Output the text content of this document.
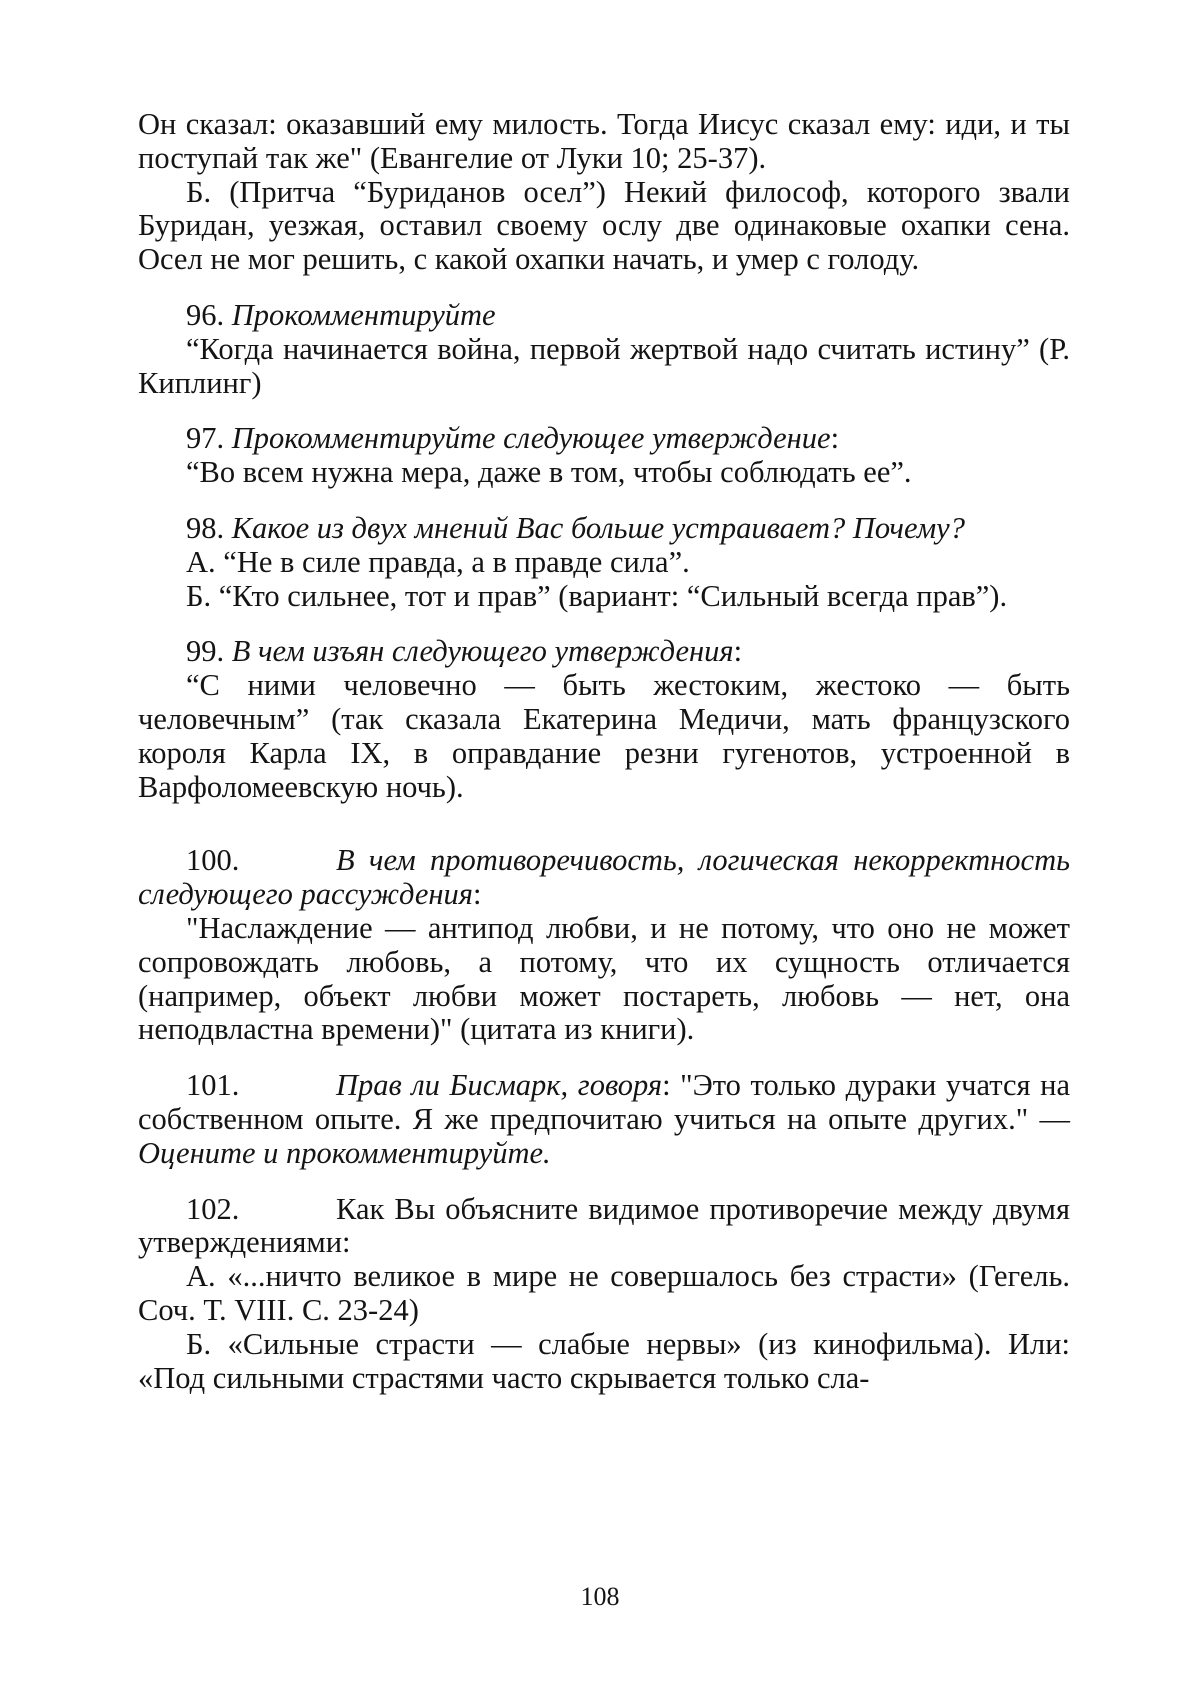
Он сказал: оказавший ему милость. Тогда Иисус сказал ему: иди, и ты поступай так же" (Евангелие от Луки 10; 25-37).

Б. (Притча “Буриданов осел”) Некий философ, которого звали Буридан, уезжая, оставил своему ослу две одинаковые охапки сена. Осел не мог решить, с какой охапки начать, и умер с голоду.

96. Прокомментируйте

“Когда начинается война, первой жертвой надо считать истину” (Р. Киплинг)

97. Прокомментируйте следующее утверждение:

“Во всем нужна мера, даже в том, чтобы соблюдать ее”.

98. Какое из двух мнений Вас больше устраивает? Почему?

А. “Не в силе правда, а в правде сила”.

Б. “Кто сильнее, тот и прав” (вариант: “Сильный всегда прав”).

99. В чем изъян следующего утверждения:

“С ними человечно — быть жестоким, жестоко — быть человечным” (так сказала Екатерина Медичи, мать французского короля Карла IX, в оправдание резни гугенотов, устроенной в Варфоломеевскую ночь).

100.	В чем противоречивость, логическая некорректность следующего рассуждения:

"Наслаждение — антипод любви, и не потому, что оно не может сопровождать любовь, а потому, что их сущность отличается (например, объект любви может постареть, любовь — нет, она неподвластна времени)" (цитата из книги).

101.	Прав ли Бисмарк, говоря: "Это только дураки учатся на собственном опыте. Я же предпочитаю учиться на опыте других." — Оцените и прокомментируйте.

102.	Как Вы объясните видимое противоречие между двумя утверждениями:

А. «...ничто великое в мире не совершалось без страсти» (Гегель. Соч. Т. VIII. С. 23-24)

Б. «Сильные страсти — слабые нервы» (из кинофильма). Или: «Под сильными страстями часто скрывается только сла-

108
